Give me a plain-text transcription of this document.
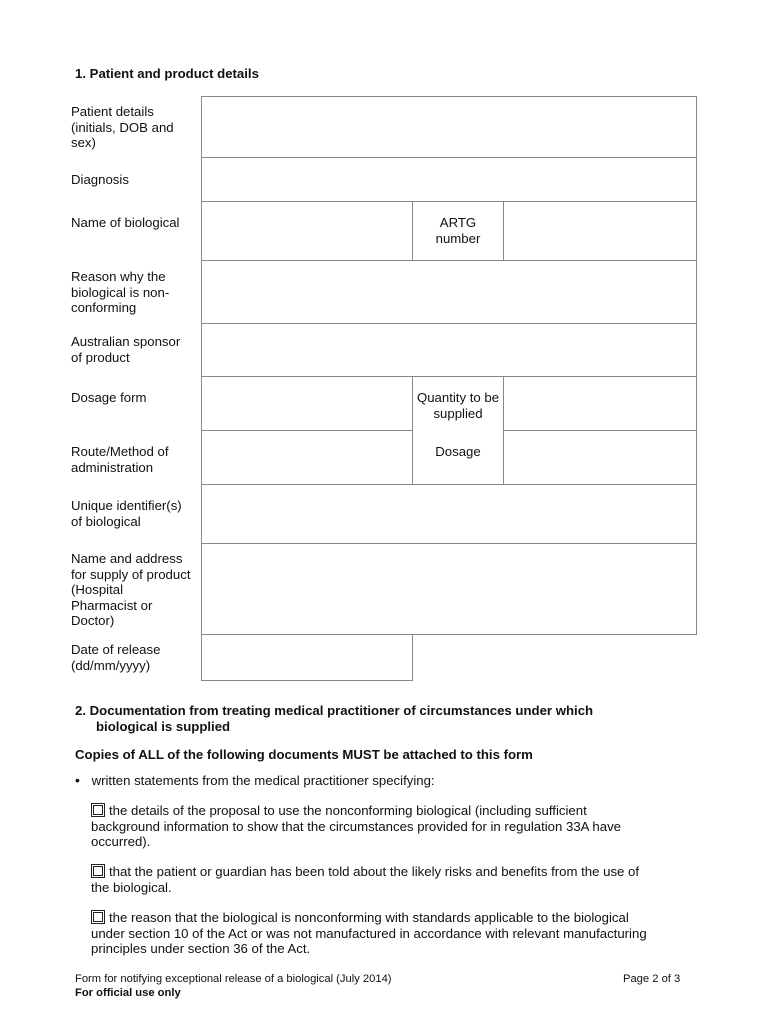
1. Patient and product details
Patient details
(initials, DOB and
sex)
Diagnosis
Name of biological	ARTG
number
Reason why the
biological is non-
conforming
Australian sponsor
of product
Dosage form	Quantity to be
supplied
Route/Method of
administration
Dosage
Unique identifier(s)
of biological
Name and address
for supply of product
(Hospital
Pharmacist or
Doctor)
Date of release
(dd/mm/yyyy)
2. Documentation from treating medical practitioner of circumstances under which
biological is supplied
Copies of ALL of the following documents MUST be attached to this form
• written statements from the medical practitioner specifying:
the details of the proposal to use the nonconforming biological (including sufficient
background information to show that the circumstances provided for in regulation 33A have
occurred).
that the patient or guardian has been told about the likely risks and benefits from the use of
the biological.
the reason that the biological is nonconforming with standards applicable to the biological
under section 10 of the Act or was not manufactured in accordance with relevant manufacturing
principles under section 36 of the Act.
Form for notifying exceptional release of a biological (July 2014)
For official use only
Page 2 of 3
